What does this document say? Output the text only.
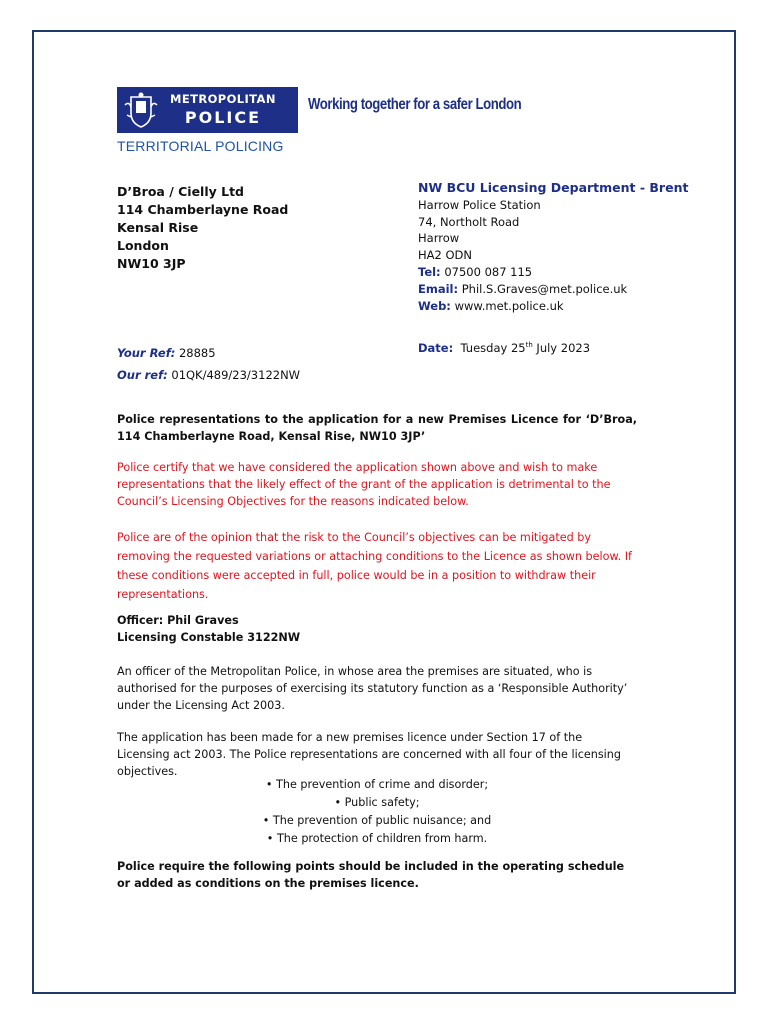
METROPOLITAN
POLICE
Working together for a safer London
TERRITORIAL POLICING
D’Broa / Cielly Ltd
114 Chamberlayne Road
Kensal Rise
London
NW10 3JP
NW BCU Licensing Department - Brent
Harrow Police Station
74, Northolt Road
Harrow
HA2 ODN
Tel: 07500 087 115
Email: Phil.S.Graves@met.police.uk
Web: www.met.police.uk
Your Ref: 28885
Our ref: 01QK/489/23/3122NW
Date: Tuesday 25th July 2023
Police representations to the application for a new Premises Licence for ‘D’Broa, 114 Chamberlayne Road, Kensal Rise, NW10 3JP’
Police certify that we have considered the application shown above and wish to make representations that the likely effect of the grant of the application is detrimental to the Council’s Licensing Objectives for the reasons indicated below.
Police are of the opinion that the risk to the Council’s objectives can be mitigated by removing the requested variations or attaching conditions to the Licence as shown below. If these conditions were accepted in full, police would be in a position to withdraw their representations.
Officer: Phil Graves
Licensing Constable 3122NW
An officer of the Metropolitan Police, in whose area the premises are situated, who is authorised for the purposes of exercising its statutory function as a ‘Responsible Authority’ under the Licensing Act 2003.
The application has been made for a new premises licence under Section 17 of the Licensing act 2003. The Police representations are concerned with all four of the licensing objectives.
• The prevention of crime and disorder;
• Public safety;
• The prevention of public nuisance; and
• The protection of children from harm.
Police require the following points should be included in the operating schedule or added as conditions on the premises licence.
